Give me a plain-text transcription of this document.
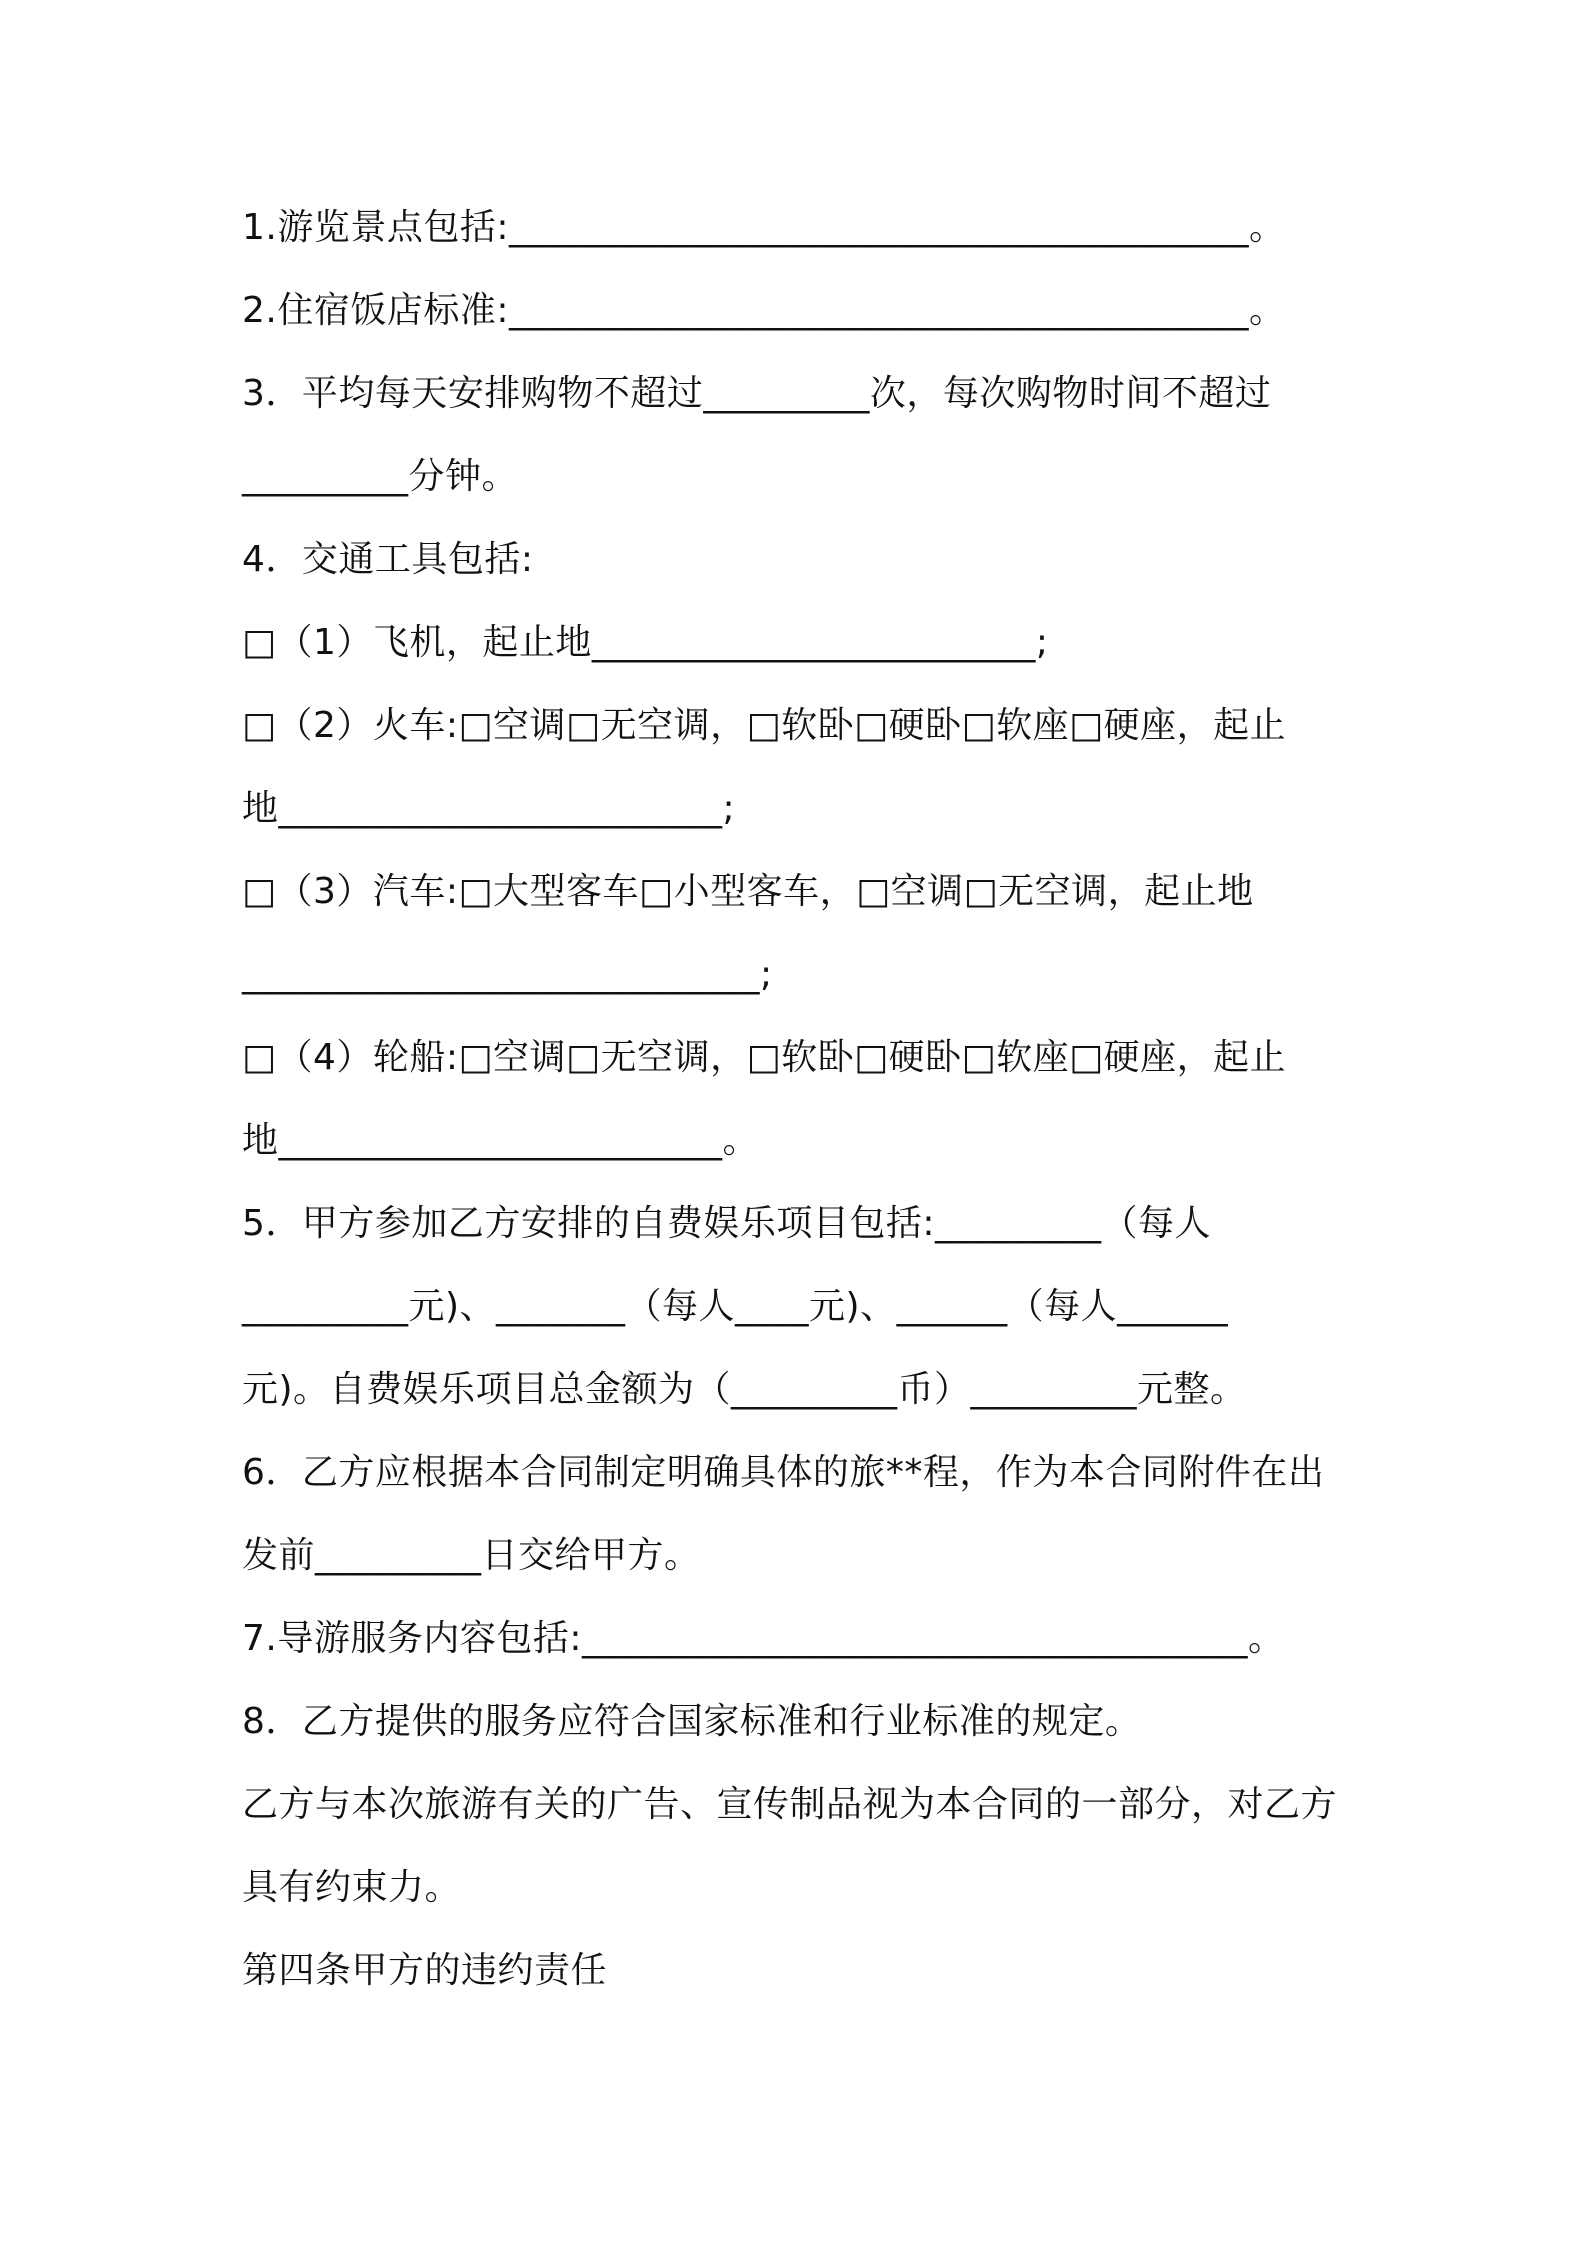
1.游览景点包括:________________________________________。

2.住宿饭店标准:________________________________________。

3．平均每天安排购物不超过_________次，每次购物时间不超过

_________分钟。

4．交通工具包括:

□（1）飞机，起止地________________________;

□（2）火车:□空调□无空调，□软卧□硬卧□软座□硬座，起止

地________________________;

□（3）汽车:□大型客车□小型客车，□空调□无空调，起止地

____________________________;

□（4）轮船:□空调□无空调，□软卧□硬卧□软座□硬座，起止

地________________________。

5．甲方参加乙方安排的自费娱乐项目包括:_________（每人

_________元)、_______（每人____元)、______（每人______

元)。自费娱乐项目总金额为（_________币）_________元整。

6．乙方应根据本合同制定明确具体的旅**程，作为本合同附件在出

发前_________日交给甲方。

7.导游服务内容包括:____________________________________。

8．乙方提供的服务应符合国家标准和行业标准的规定。

乙方与本次旅游有关的广告、宣传制品视为本合同的一部分，对乙方

具有约束力。

第四条甲方的违约责任
